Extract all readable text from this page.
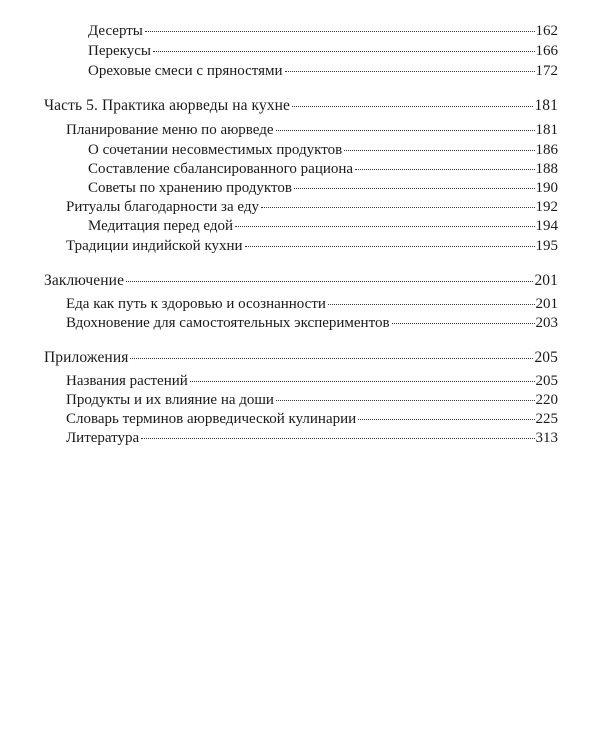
Десерты	162
Перекусы	166
Ореховые смеси с пряностями	172
Часть 5. Практика аюрведы на кухне	181
Планирование меню по аюрведе	181
О сочетании несовместимых продуктов	186
Составление сбалансированного рациона	188
Советы по хранению продуктов	190
Ритуалы благодарности за еду	192
Медитация перед едой	194
Традиции индийской кухни	195
Заключение	201
Еда как путь к здоровью и осознанности	201
Вдохновение для самостоятельных экспериментов	203
Приложения	205
Названия растений	205
Продукты и их влияние на доши	220
Словарь терминов аюрведической кулинарии	225
Литература	313
